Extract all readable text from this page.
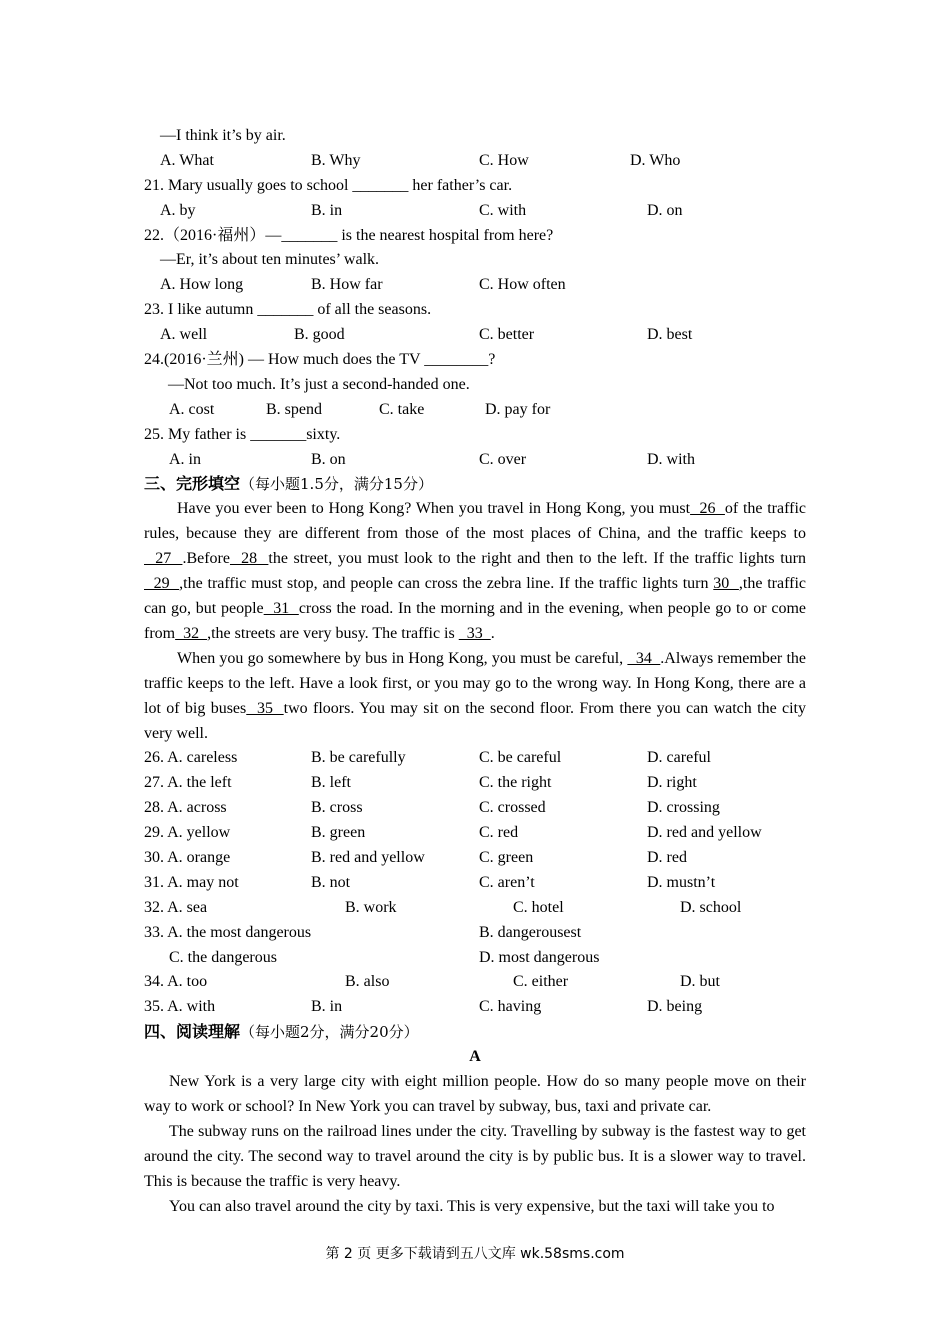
—I think it’s by air.
A. What	B. Why	C. How	D. Who
21. Mary usually goes to school _______ her father’s car.
A. by	B. in	C. with	D. on
22.（2016·福州）—_______ is the nearest hospital from here?
—Er, it’s about ten minutes’ walk.
A. How long	B. How far	C. How often
23. I like autumn _______ of all the seasons.
A. well	B. good	C. better	D. best
24.(2016·兰州) — How much does the TV ________?
—Not too much. It’s just a second-handed one.
A. cost	B. spend	C. take	D. pay for
25. My father is _______sixty.
A. in	B. on	C. over	D. with
三、完形填空（每小题1.5分，满分15分）

Have you ever been to Hong Kong? When you travel in Hong Kong, you must  26  of the traffic rules, because they are different from those of the most places of China, and the traffic keeps to  27  .Before  28  the street, you must look to the right and then to the left. If the traffic lights turn   29  ,the traffic must stop, and people can cross the zebra line. If the traffic lights turn 30  ,the traffic can go, but people  31  cross the road. In the morning and in the evening, when people go to or come from  32  ,the streets are very busy. The traffic is   33  .

When you go somewhere by bus in Hong Kong, you must be careful,   34  .Always remember the traffic keeps to the left. Have a look first, or you may go to the wrong way. In Hong Kong, there are a lot of big buses  35  two floors. You may sit on the second floor. From there you can watch the city very well.

26. A. careless	B. be carefully	C. be careful	D. careful
27. A. the left	B. left	C. the right	D. right
28. A. across	B. cross	C. crossed	D. crossing
29. A. yellow	B. green	C. red	D. red and yellow
30. A. orange	B. red and yellow	C. green	D. red
31. A. may not	B. not	C. aren’t	D. mustn’t
32. A. sea	B. work	C. hotel	D. school
33. A. the most dangerous	B. dangerousest
C. the dangerous	D. most dangerous
34. A. too	B. also	C. either	D. but
35. A. with	B. in	C. having	D. being
四、阅读理解（每小题2分，满分20分）
A

New York is a very large city with eight million people. How do so many people move on their way to work or school? In New York you can travel by subway, bus, taxi and private car.

The subway runs on the railroad lines under the city. Travelling by subway is the fastest way to get around the city. The second way to travel around the city is by public bus. It is a slower way to travel. This is because the traffic is very heavy.

You can also travel around the city by taxi. This is very expensive, but the taxi will take you to

第 2 页 更多下载请到五八文库 wk.58sms.com
